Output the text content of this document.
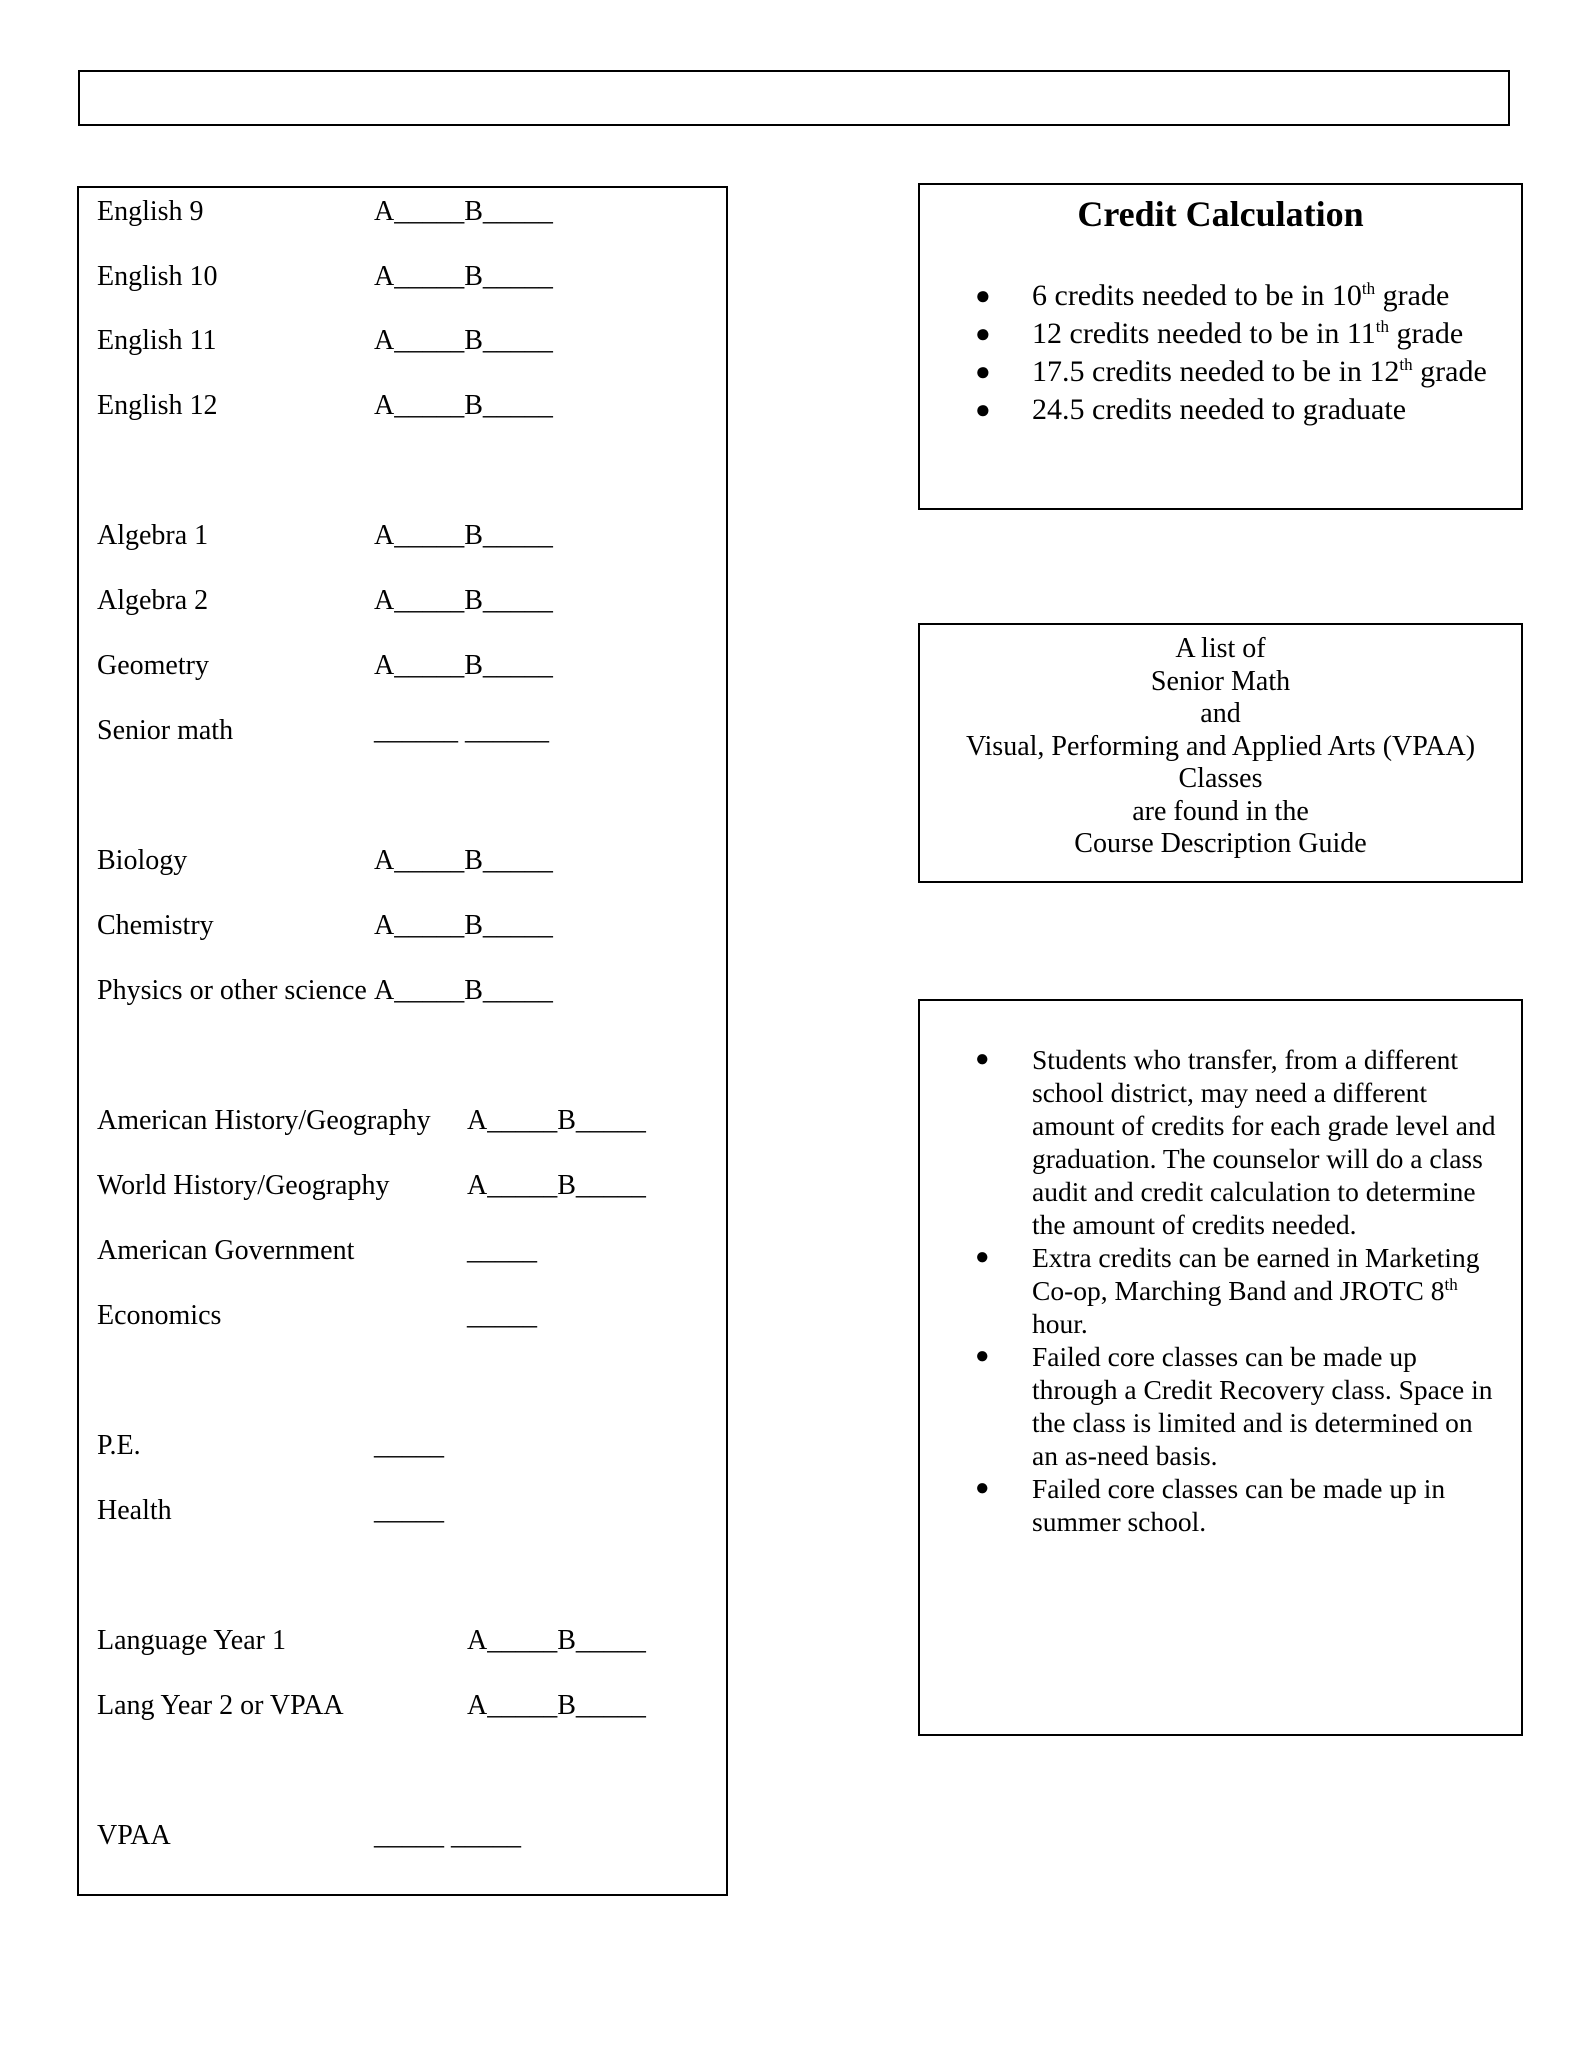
English 9	A_____B_____
English 10	A_____B_____
English 11	A_____B_____
English 12	A_____B_____
Algebra 1	A_____B_____
Algebra 2	A_____B_____
Geometry	A_____B_____
Senior math	______ ______
Biology	A_____B_____
Chemistry	A_____B_____
Physics or other science A_____B_____
American History/Geography A_____B_____
World History/Geography	A_____B_____
American Government	_____
Economics	_____
P.E.	_____
Health	_____
Language Year 1	A_____B_____
Lang Year 2 or VPAA	A_____B_____
VPAA	_____ _____
Credit Calculation
● 6 credits needed to be in 10th grade
● 12 credits needed to be in 11th grade
● 17.5 credits needed to be in 12th grade
● 24.5 credits needed to graduate
A list of
Senior Math
and
Visual, Performing and Applied Arts (VPAA)
Classes
are found in the
Course Description Guide
● Students who transfer, from a different school district, may need a different amount of credits for each grade level and graduation. The counselor will do a class audit and credit calculation to determine the amount of credits needed.
● Extra credits can be earned in Marketing Co-op, Marching Band and JROTC 8th hour.
● Failed core classes can be made up through a Credit Recovery class. Space in the class is limited and is determined on an as-need basis.
● Failed core classes can be made up in summer school.
